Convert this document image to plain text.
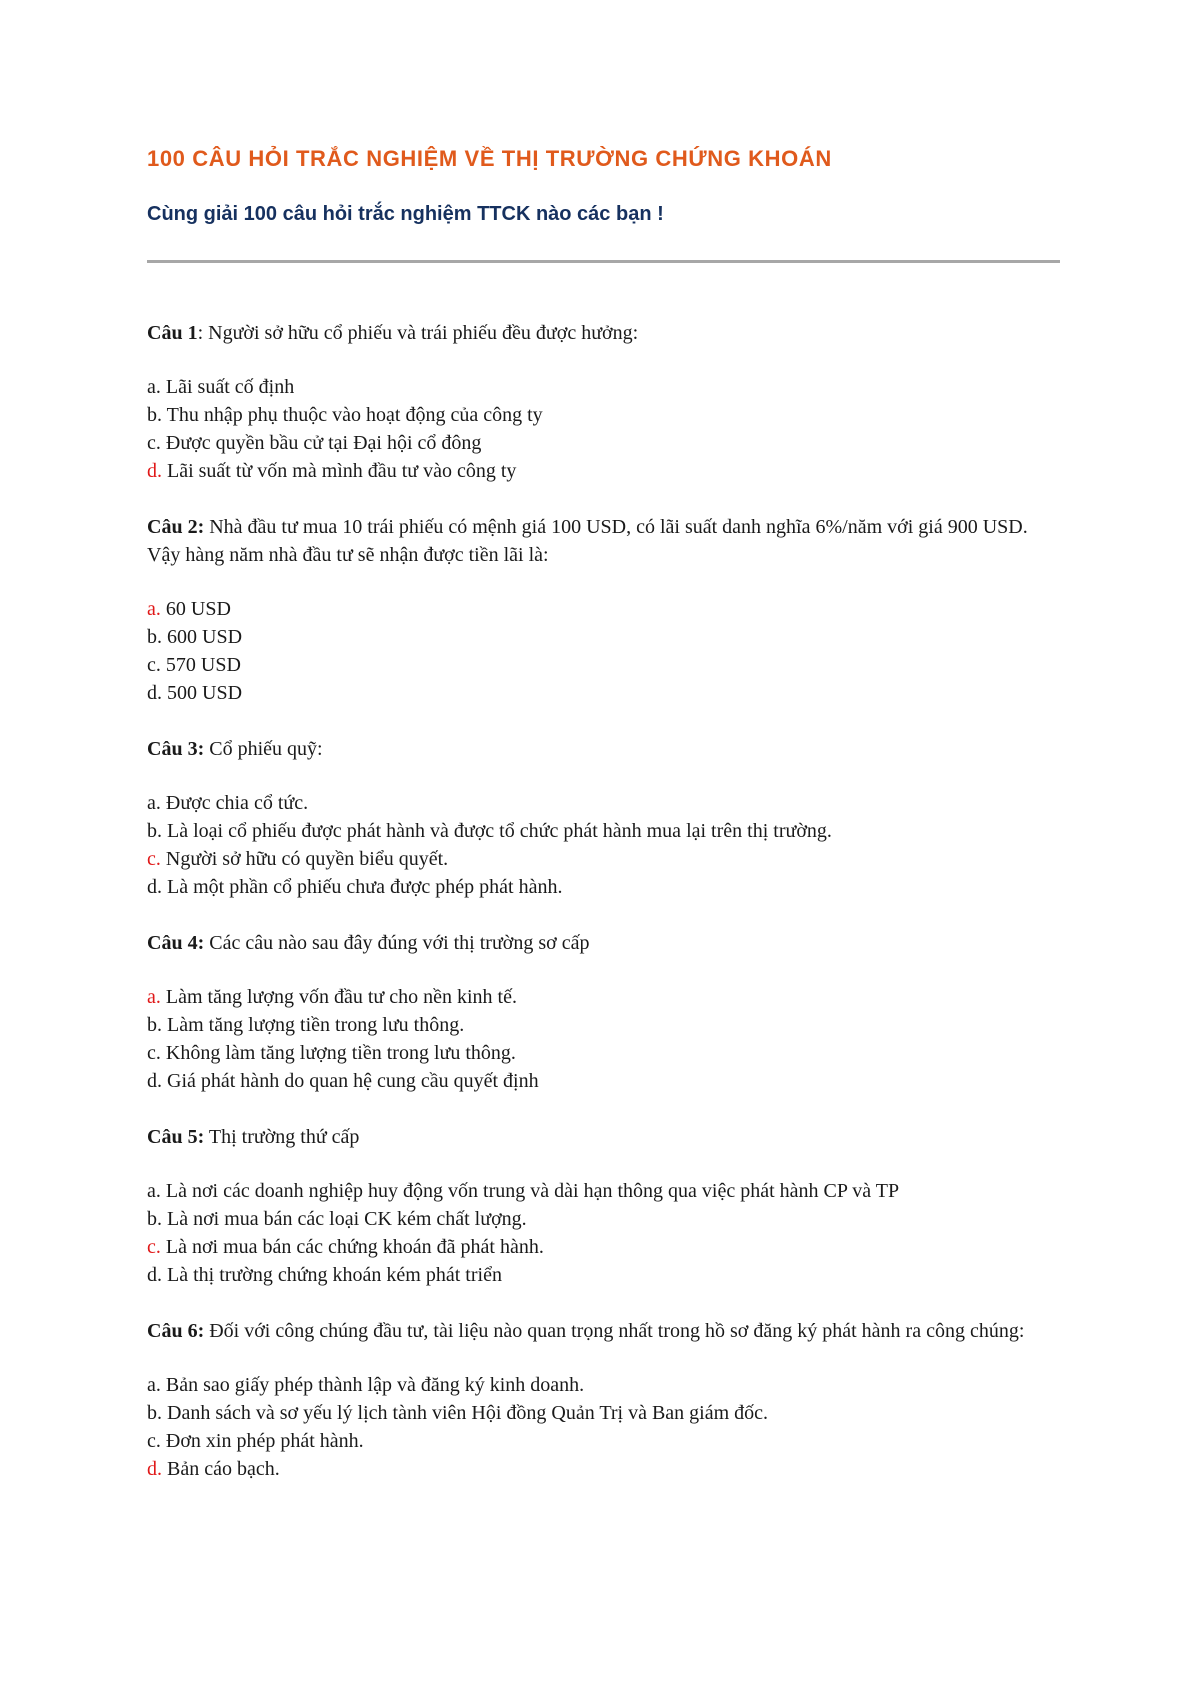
100 CÂU HỎI TRẮC NGHIỆM VỀ THỊ TRƯỜNG CHỨNG KHOÁN
Cùng giải 100 câu hỏi trắc nghiệm TTCK nào các bạn !

Câu 1: Người sở hữu cổ phiếu và trái phiếu đều được hưởng:

a. Lãi suất cố định
b. Thu nhập phụ thuộc vào hoạt động của công ty
c. Được quyền bầu cử tại Đại hội cổ đông
d. Lãi suất từ vốn mà mình đầu tư vào công ty

Câu 2: Nhà đầu tư mua 10 trái phiếu có mệnh giá 100 USD, có lãi suất danh nghĩa 6%/năm với giá 900 USD. Vậy hàng năm nhà đầu tư sẽ nhận được tiền lãi là:

a. 60 USD
b. 600 USD
c. 570 USD
d. 500 USD

Câu 3: Cổ phiếu quỹ:

a. Được chia cổ tức.
b. Là loại cổ phiếu được phát hành và được tổ chức phát hành mua lại trên thị trường.
c. Người sở hữu có quyền biểu quyết.
d. Là một phần cổ phiếu chưa được phép phát hành.

Câu 4: Các câu nào sau đây đúng với thị trường sơ cấp

a. Làm tăng lượng vốn đầu tư cho nền kinh tế.
b. Làm tăng lượng tiền trong lưu thông.
c. Không làm tăng lượng tiền trong lưu thông.
d. Giá phát hành do quan hệ cung cầu quyết định

Câu 5: Thị trường thứ cấp

a. Là nơi các doanh nghiệp huy động vốn trung và dài hạn thông qua việc phát hành CP và TP
b. Là nơi mua bán các loại CK kém chất lượng.
c. Là nơi mua bán các chứng khoán đã phát hành.
d. Là thị trường chứng khoán kém phát triển

Câu 6: Đối với công chúng đầu tư, tài liệu nào quan trọng nhất trong hồ sơ đăng ký phát hành ra công chúng:

a. Bản sao giấy phép thành lập và đăng ký kinh doanh.
b. Danh sách và sơ yếu lý lịch tành viên Hội đồng Quản Trị và Ban giám đốc.
c. Đơn xin phép phát hành.
d. Bản cáo bạch.
